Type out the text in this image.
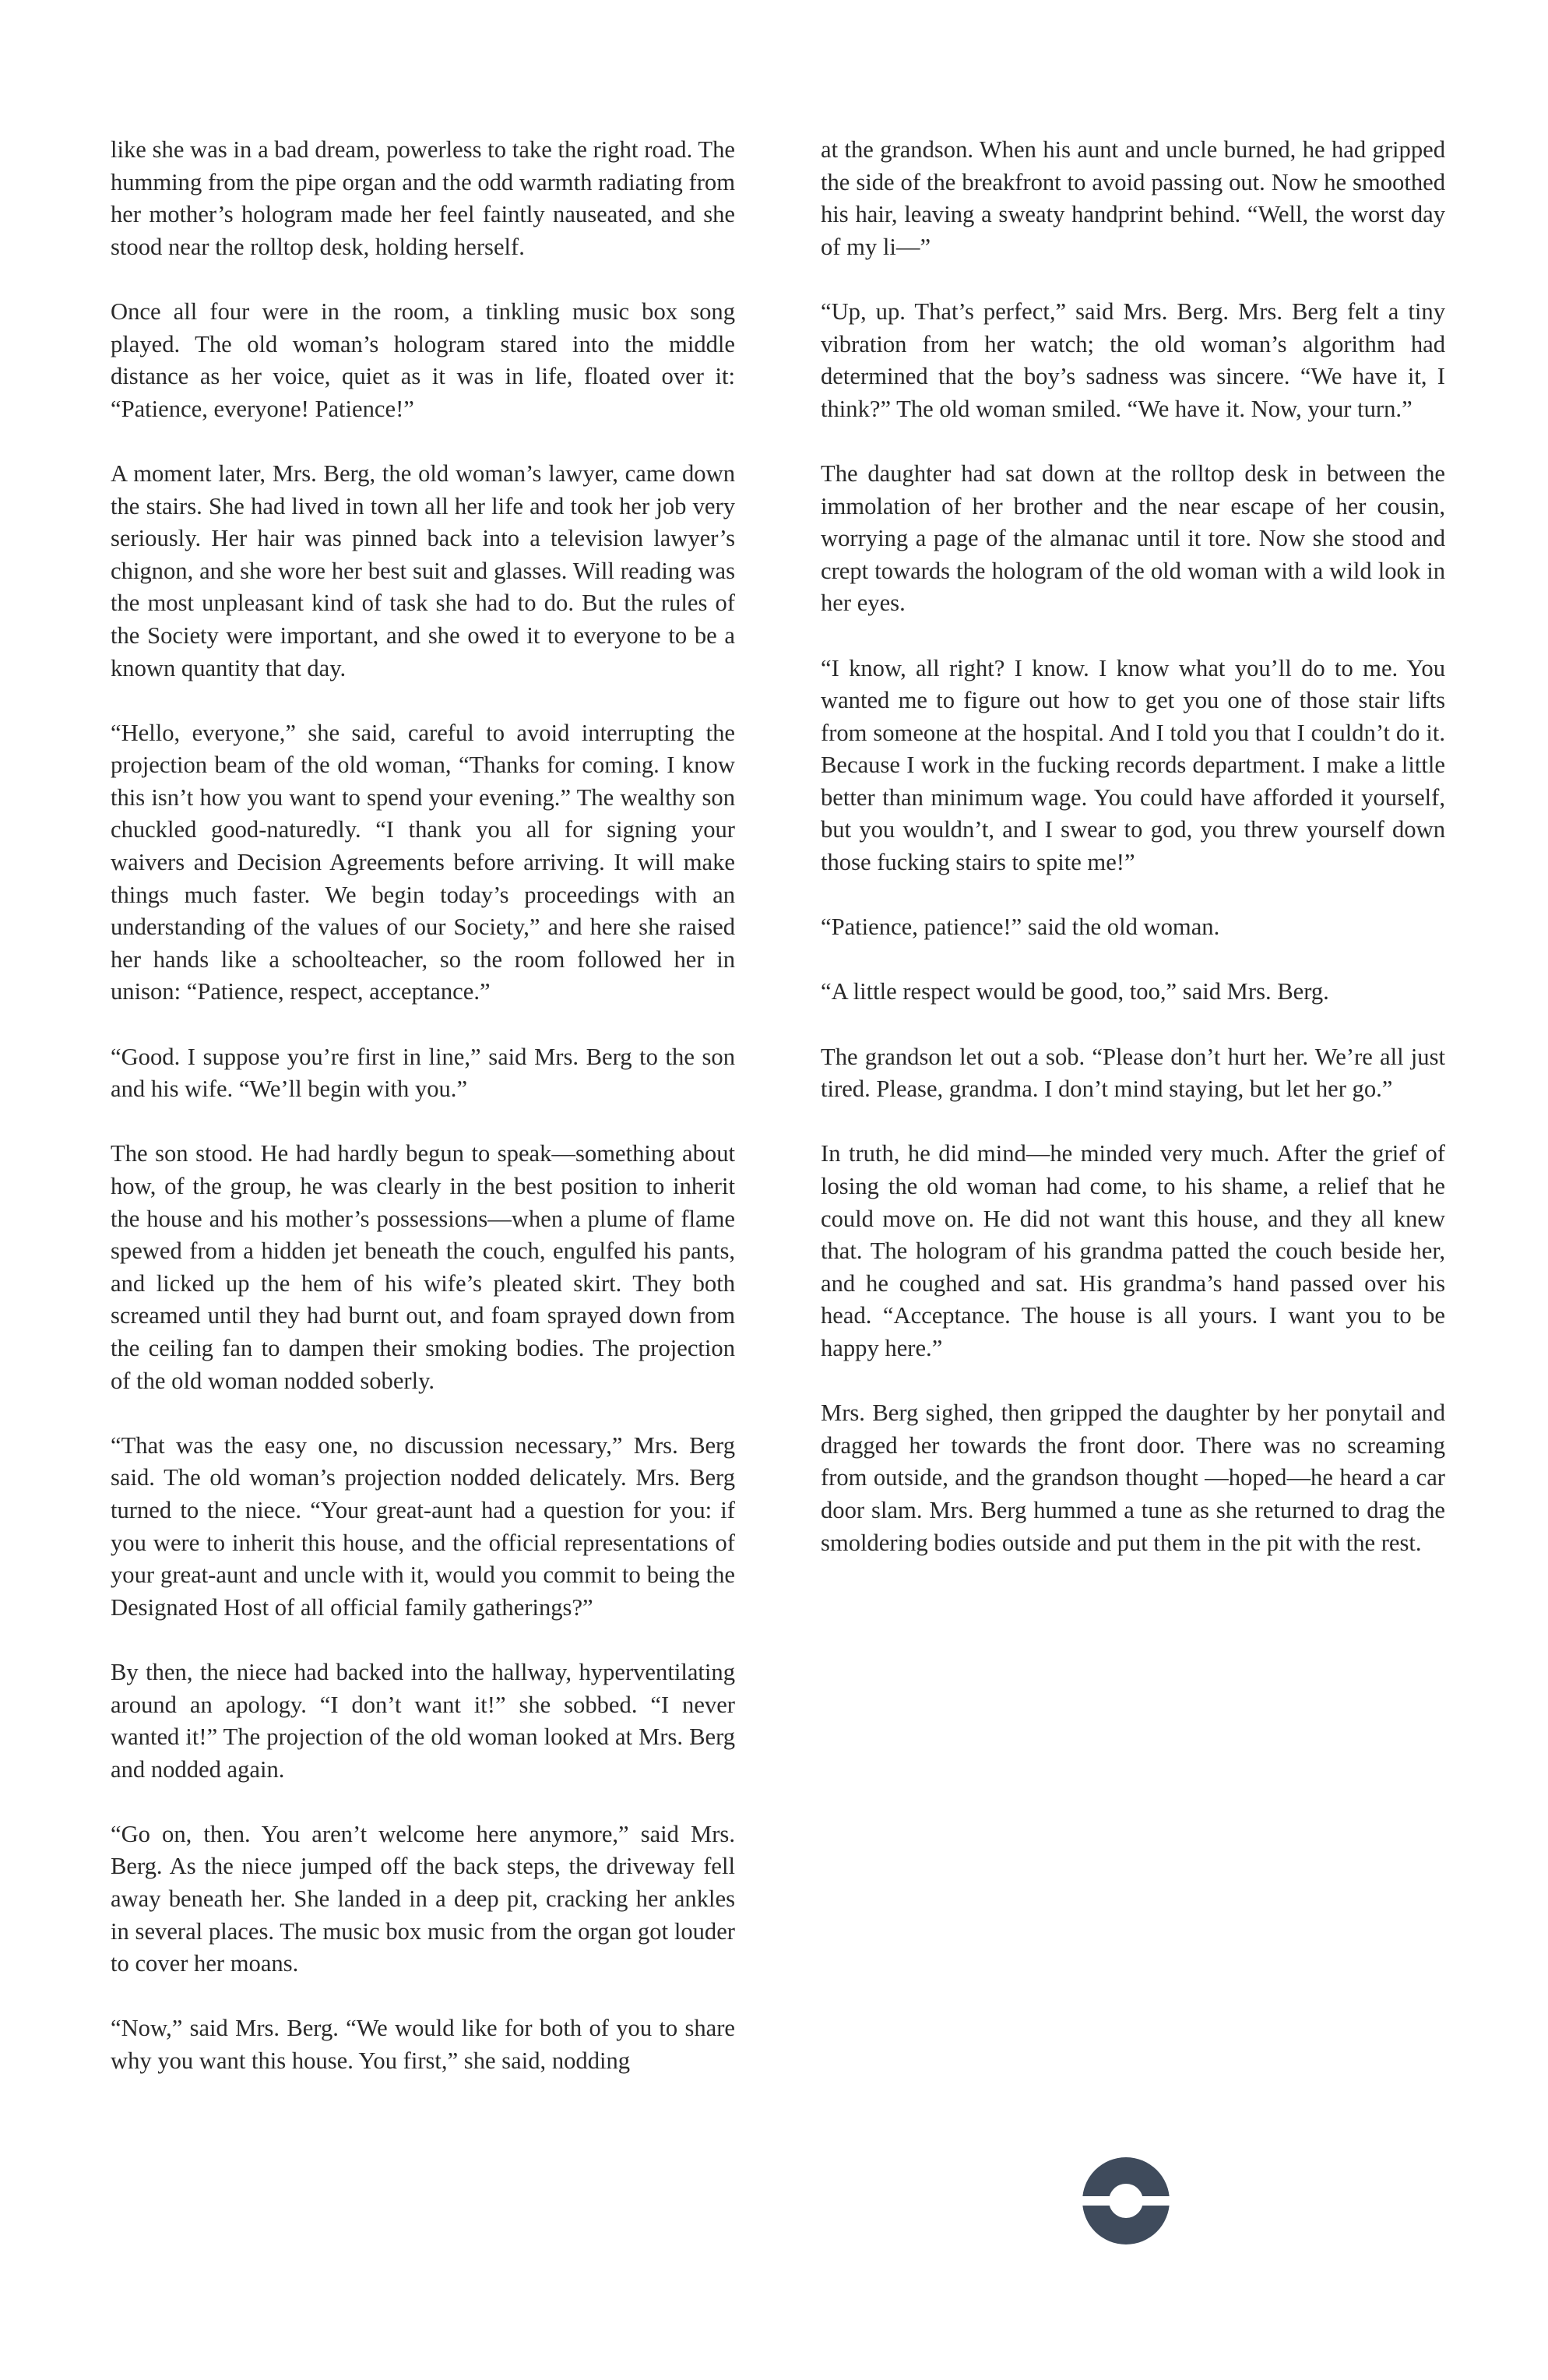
like she was in a bad dream, powerless to take the right road. The humming from the pipe organ and the odd warmth radiating from her mother’s hologram made her feel faintly nauseated, and she stood near the rolltop desk, holding herself.

Once all four were in the room, a tinkling music box song played. The old woman’s hologram stared into the middle distance as her voice, quiet as it was in life, floated over it: “Patience, everyone! Patience!”

A moment later, Mrs. Berg, the old woman’s lawyer, came down the stairs. She had lived in town all her life and took her job very seriously. Her hair was pinned back into a television lawyer’s chignon, and she wore her best suit and glasses. Will reading was the most unpleasant kind of task she had to do. But the rules of the Society were important, and she owed it to everyone to be a known quantity that day.

“Hello, everyone,” she said, careful to avoid interrupting the projection beam of the old woman, “Thanks for coming. I know this isn’t how you want to spend your evening.” The wealthy son chuckled good-naturedly. “I thank you all for signing your waivers and Decision Agreements before arriving. It will make things much faster. We begin today’s proceedings with an understanding of the values of our Society,” and here she raised her hands like a schoolteacher, so the room followed her in unison: “Patience, respect, acceptance.”

“Good. I suppose you’re first in line,” said Mrs. Berg to the son and his wife. “We’ll begin with you.”

The son stood. He had hardly begun to speak—something about how, of the group, he was clearly in the best position to inherit the house and his mother’s possessions—when a plume of flame spewed from a hidden jet beneath the couch, engulfed his pants, and licked up the hem of his wife’s pleated skirt. They both screamed until they had burnt out, and foam sprayed down from the ceiling fan to dampen their smoking bodies. The projection of the old woman nodded soberly.

“That was the easy one, no discussion necessary,” Mrs. Berg said. The old woman’s projection nodded delicately. Mrs. Berg turned to the niece. “Your great-aunt had a question for you: if you were to inherit this house, and the official representations of your great-aunt and uncle with it, would you commit to being the Designated Host of all official family gatherings?”

By then, the niece had backed into the hallway, hyperventilating around an apology. “I don’t want it!” she sobbed. “I never wanted it!” The projection of the old woman looked at Mrs. Berg and nodded again.

“Go on, then. You aren’t welcome here anymore,” said Mrs. Berg. As the niece jumped off the back steps, the driveway fell away beneath her. She landed in a deep pit, cracking her ankles in several places. The music box music from the organ got louder to cover her moans.

“Now,” said Mrs. Berg. “We would like for both of you to share why you want this house. You first,” she said, nodding

at the grandson. When his aunt and uncle burned, he had gripped the side of the breakfront to avoid passing out. Now he smoothed his hair, leaving a sweaty handprint behind. “Well, the worst day of my li—”

“Up, up. That’s perfect,” said Mrs. Berg. Mrs. Berg felt a tiny vibration from her watch; the old woman’s algorithm had determined that the boy’s sadness was sincere. “We have it, I think?” The old woman smiled. “We have it. Now, your turn.”

The daughter had sat down at the rolltop desk in between the immolation of her brother and the near escape of her cousin, worrying a page of the almanac until it tore. Now she stood and crept towards the hologram of the old woman with a wild look in her eyes.

“I know, all right? I know. I know what you’ll do to me. You wanted me to figure out how to get you one of those stair lifts from someone at the hospital. And I told you that I couldn’t do it. Because I work in the fucking records department. I make a little better than minimum wage. You could have afforded it yourself, but you wouldn’t, and I swear to god, you threw yourself down those fucking stairs to spite me!”

“Patience, patience!” said the old woman.

“A little respect would be good, too,” said Mrs. Berg.

The grandson let out a sob. “Please don’t hurt her. We’re all just tired. Please, grandma. I don’t mind staying, but let her go.”

In truth, he did mind—he minded very much. After the grief of losing the old woman had come, to his shame, a relief that he could move on. He did not want this house, and they all knew that. The hologram of his grandma patted the couch beside her, and he coughed and sat. His grandma’s hand passed over his head. “Acceptance. The house is all yours. I want you to be happy here.”

Mrs. Berg sighed, then gripped the daughter by her ponytail and dragged her towards the front door. There was no screaming from outside, and the grandson thought —hoped—he heard a car door slam. Mrs. Berg hummed a tune as she returned to drag the smoldering bodies outside and put them in the pit with the rest.
